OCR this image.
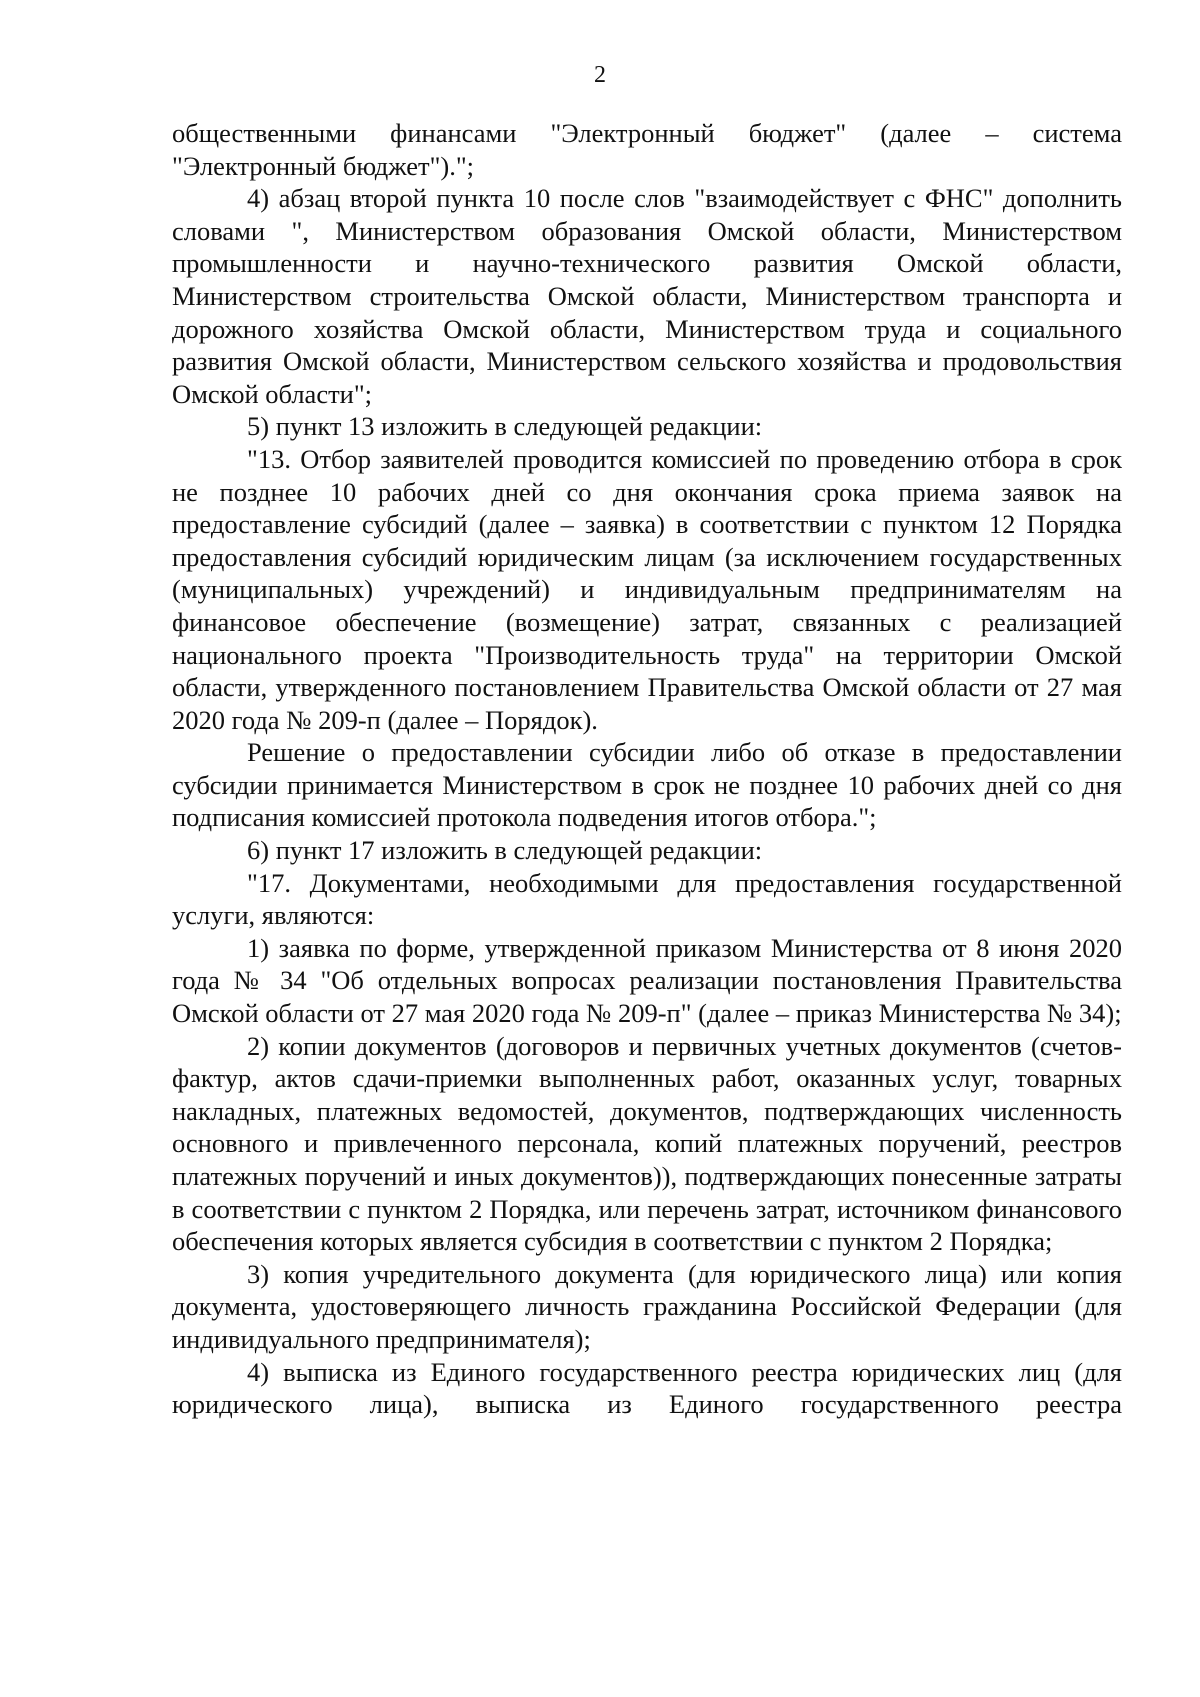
2

общественными финансами "Электронный бюджет" (далее – система "Электронный бюджет").";

4) абзац второй пункта 10 после слов "взаимодействует с ФНС" дополнить словами ", Министерством образования Омской области, Министерством промышленности и научно-технического развития Омской области, Министерством строительства Омской области, Министерством транспорта и дорожного хозяйства Омской области, Министерством труда и социального развития Омской области, Министерством сельского хозяйства и продовольствия Омской области";

5) пункт 13 изложить в следующей редакции:

"13. Отбор заявителей проводится комиссией по проведению отбора в срок не позднее 10 рабочих дней со дня окончания срока приема заявок на предоставление субсидий (далее – заявка) в соответствии с пунктом 12 Порядка предоставления субсидий юридическим лицам (за исключением государственных (муниципальных) учреждений) и индивидуальным предпринимателям на финансовое обеспечение (возмещение) затрат, связанных с реализацией национального проекта "Производительность труда" на территории Омской области, утвержденного постановлением Правительства Омской области от 27 мая 2020 года № 209-п (далее – Порядок).

Решение о предоставлении субсидии либо об отказе в предоставлении субсидии принимается Министерством в срок не позднее 10 рабочих дней со дня подписания комиссией протокола подведения итогов отбора.";

6) пункт 17 изложить в следующей редакции:

"17. Документами, необходимыми для предоставления государственной услуги, являются:

1) заявка по форме, утвержденной приказом Министерства от 8 июня 2020 года № 34 "Об отдельных вопросах реализации постановления Правительства Омской области от 27 мая 2020 года № 209-п" (далее – приказ Министерства № 34);

2) копии документов (договоров и первичных учетных документов (счетов-фактур, актов сдачи-приемки выполненных работ, оказанных услуг, товарных накладных, платежных ведомостей, документов, подтверждающих численность основного и привлеченного персонала, копий платежных поручений, реестров платежных поручений и иных документов)), подтверждающих понесенные затраты в соответствии с пунктом 2 Порядка, или перечень затрат, источником финансового обеспечения которых является субсидия в соответствии с пунктом 2 Порядка;

3) копия учредительного документа (для юридического лица) или копия документа, удостоверяющего личность гражданина Российской Федерации (для индивидуального предпринимателя);

4) выписка из Единого государственного реестра юридических лиц (для юридического лица), выписка из Единого государственного реестра
